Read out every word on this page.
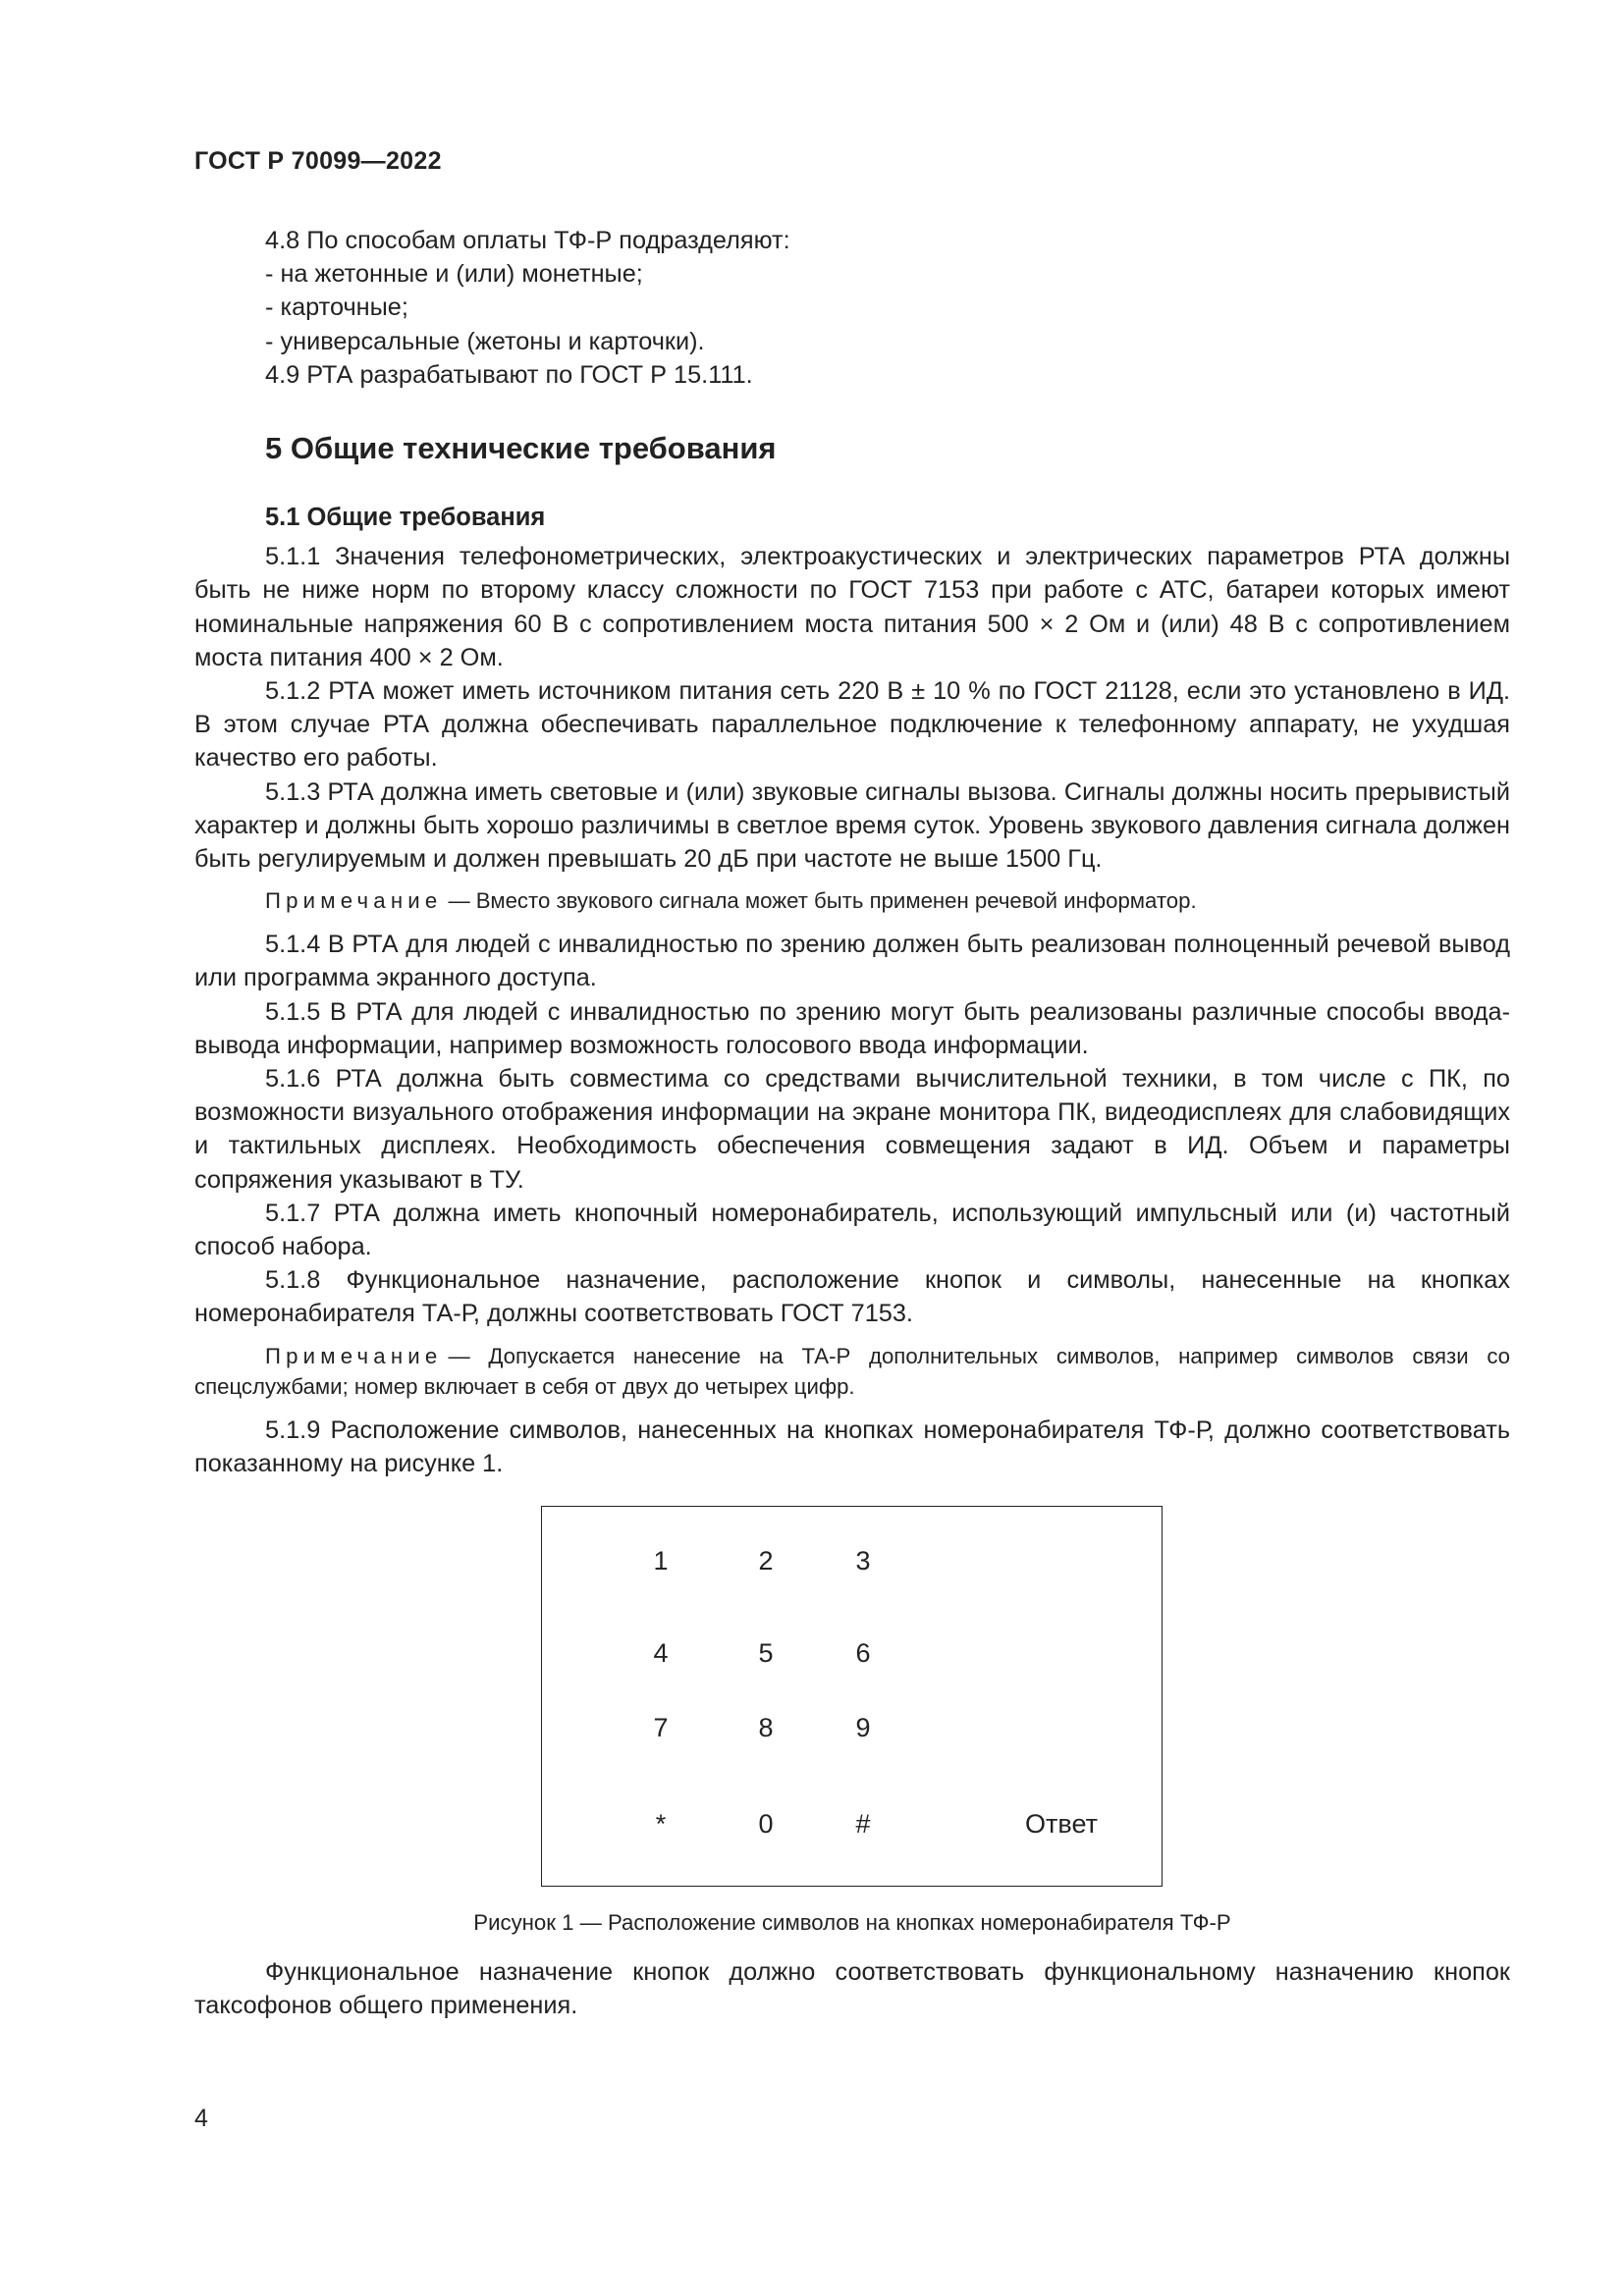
ГОСТ Р 70099—2022

4.8 По способам оплаты ТФ-Р подразделяют:

- на жетонные и (или) монетные;

- карточные;

- универсальные (жетоны и карточки).

4.9 РТА разрабатывают по ГОСТ Р 15.111.

5 Общие технические требования

5.1 Общие требования

5.1.1 Значения телефонометрических, электроакустических и электрических параметров РТА должны быть не ниже норм по второму классу сложности по ГОСТ 7153 при работе с АТС, батареи которых имеют номинальные напряжения 60 В с сопротивлением моста питания 500 × 2 Ом и (или) 48 В с сопротивлением моста питания 400 × 2 Ом.

5.1.2 РТА может иметь источником питания сеть 220 В ± 10 % по ГОСТ 21128, если это установлено в ИД. В этом случае РТА должна обеспечивать параллельное подключение к телефонному аппарату, не ухудшая качество его работы.

5.1.3 РТА должна иметь световые и (или) звуковые сигналы вызова. Сигналы должны носить прерывистый характер и должны быть хорошо различимы в светлое время суток. Уровень звукового давления сигнала должен быть регулируемым и должен превышать 20 дБ при частоте не выше 1500 Гц.

Примечание — Вместо звукового сигнала может быть применен речевой информатор.

5.1.4 В РТА для людей с инвалидностью по зрению должен быть реализован полноценный речевой вывод или программа экранного доступа.

5.1.5 В РТА для людей с инвалидностью по зрению могут быть реализованы различные способы ввода-вывода информации, например возможность голосового ввода информации.

5.1.6 РТА должна быть совместима со средствами вычислительной техники, в том числе с ПК, по возможности визуального отображения информации на экране монитора ПК, видеодисплеях для слабовидящих и тактильных дисплеях. Необходимость обеспечения совмещения задают в ИД. Объем и параметры сопряжения указывают в ТУ.

5.1.7 РТА должна иметь кнопочный номеронабиратель, использующий импульсный или (и) частотный способ набора.

5.1.8 Функциональное назначение, расположение кнопок и символы, нанесенные на кнопках номеронабирателя ТА-Р, должны соответствовать ГОСТ 7153.

Примечание — Допускается нанесение на ТА-Р дополнительных символов, например символов связи со спецслужбами; номер включает в себя от двух до четырех цифр.

5.1.9 Расположение символов, нанесенных на кнопках номеронабирателя ТФ-Р, должно соответствовать показанному на рисунке 1.

1	2	3
4	5	6
7	8	9
*	0	#	Ответ

Рисунок 1 — Расположение символов на кнопках номеронабирателя ТФ-Р

Функциональное назначение кнопок должно соответствовать функциональному назначению кнопок таксофонов общего применения.

4
